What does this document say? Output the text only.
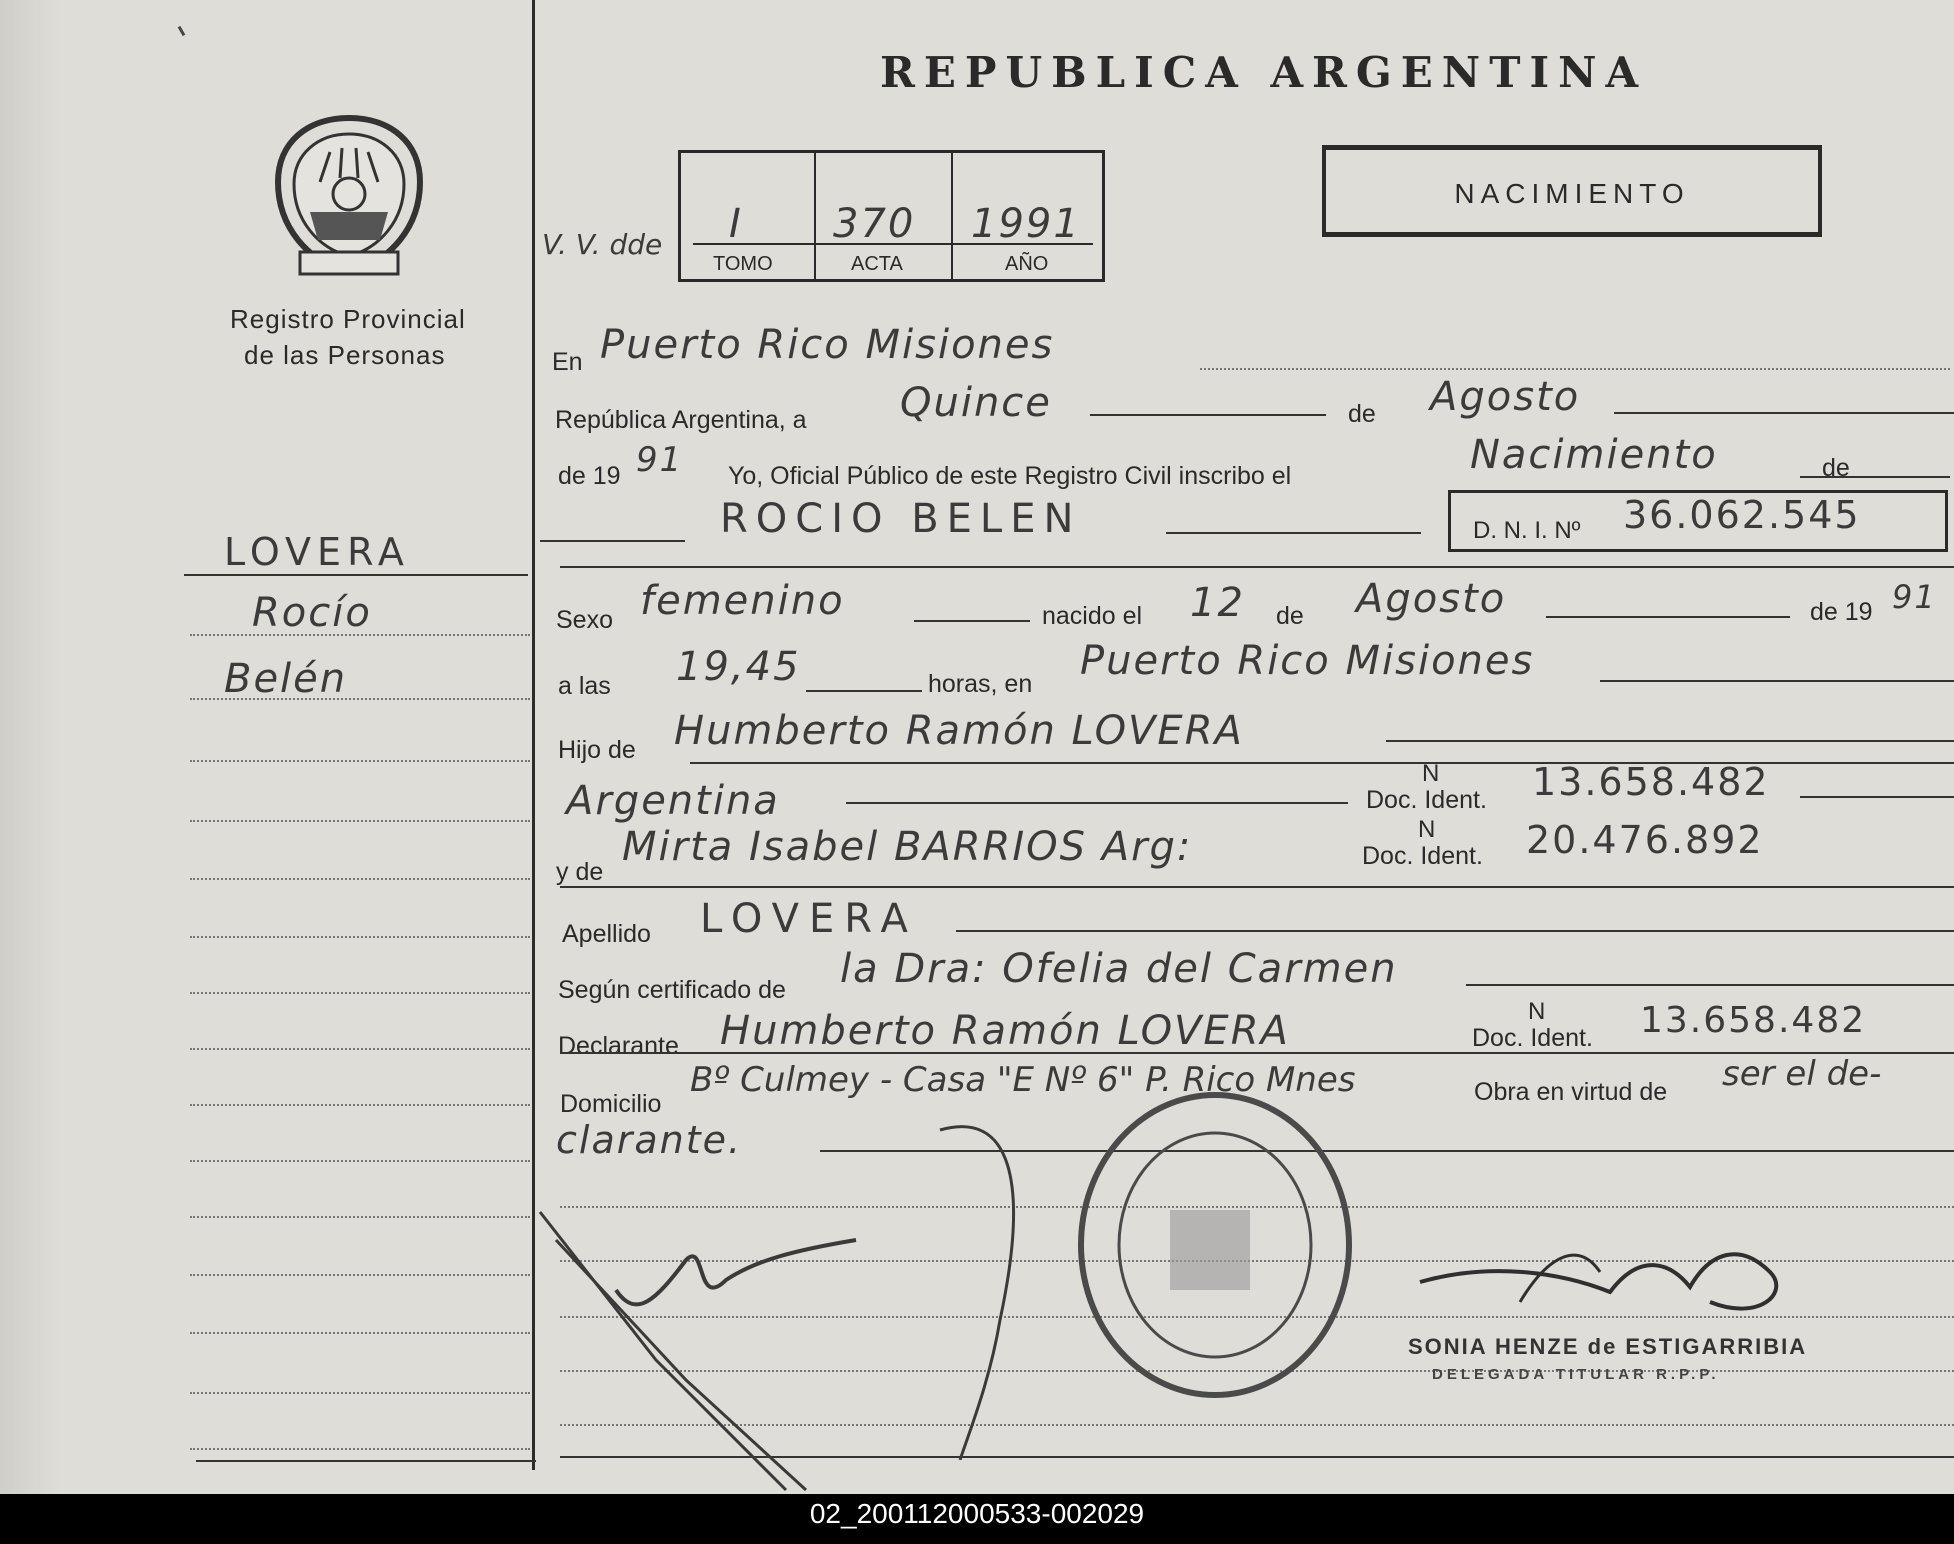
REPUBLICA ARGENTINA
NACIMIENTO
Registro Provincial
de las Personas
V. V. dde I 370 1991
TOMO	ACTA	AÑO
LOVERA
Rocío
Belén
En Puerto Rico Misiones
República Argentina, a Quince	de Agosto
de 19 91 Yo, Oficial Público de este Registro Civil inscribo el	Nacimiento	de
ROCIO BELEN	D. N. I. Nº 36.062.545
Sexo femenino	nacido el 12 de Agosto	de 19 91
a las 19,45	horas, en Puerto Rico Misiones
Hijo de Humberto Ramón LOVERA
Argentina	Doc. Ident.
N 13.658.482
y de
Mirta Isabel BARRIOS Arg:	Doc. Ident.
N 20.476.892
Apellido LOVERA
Según certificado de la Dra: Ofelia del Carmen
Declarante Humberto Ramón LOVERA	Doc. Ident.
N	13.658.482
Domicilio
Bº Culmey - Casa "E Nº 6" P. Rico Mnes	Obra en virtud de ser el de-
clarante.
SONIA HENZE de ESTIGARRIBIA
DELEGADA TITULAR R.P.P.
02_200112000533-002029
